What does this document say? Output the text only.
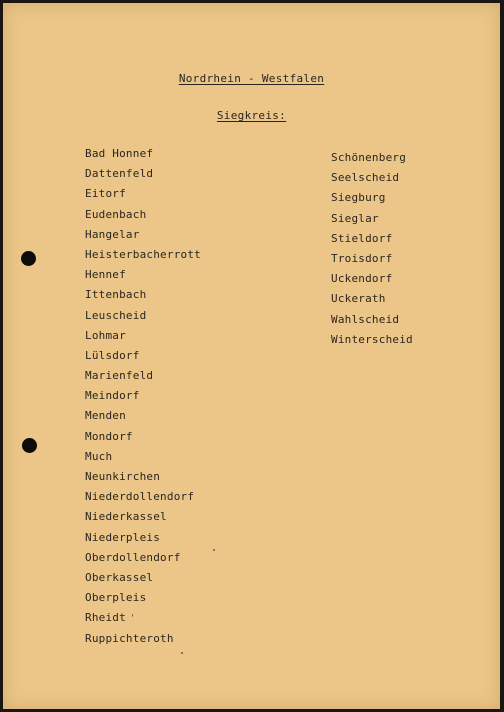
Nordrhein - Westfalen
Siegkreis:
Bad Honnef
Dattenfeld
Eitorf
Eudenbach
Hangelar
Heisterbacherrott
Hennef
Ittenbach
Leuscheid
Lohmar
Lülsdorf
Marienfeld
Meindorf
Menden
Mondorf
Much
Neunkirchen
Niederdollendorf
Niederkassel
Niederpleis
Oberdollendorf
Oberkassel
Oberpleis
Rheidt
Ruppichteroth
Schönenberg
Seelscheid
Siegburg
Sieglar
Stieldorf
Troisdorf
Uckendorf
Uckerath
Wahlscheid
Winterscheid
